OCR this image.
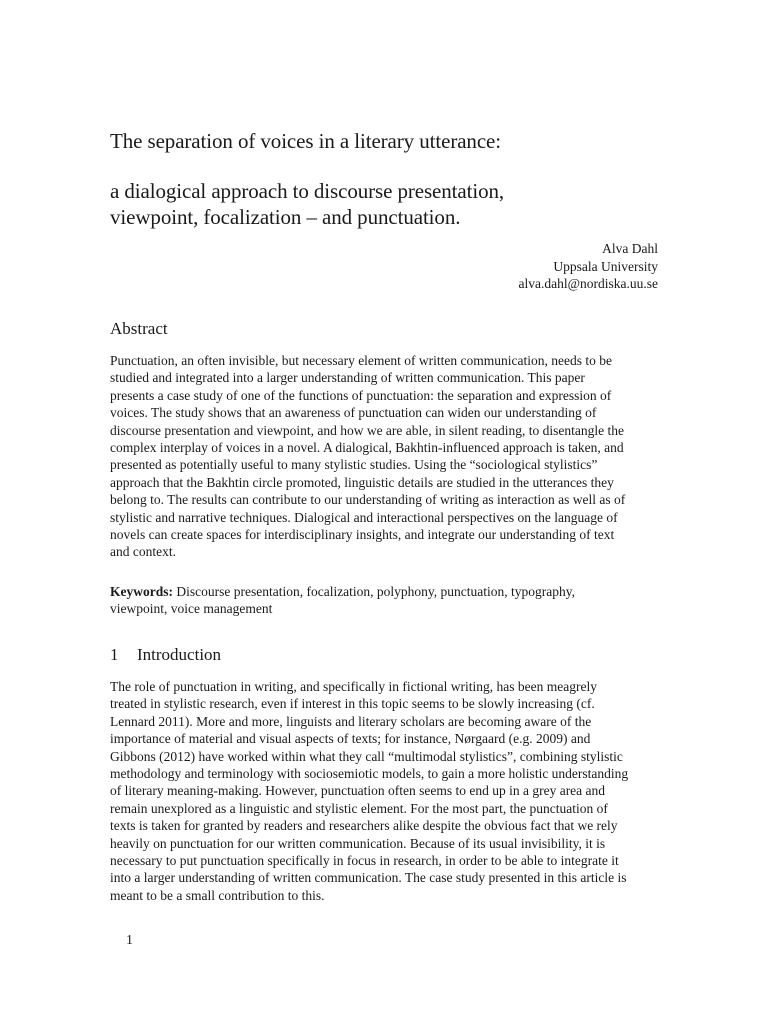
The separation of voices in a literary utterance:
a dialogical approach to discourse presentation,
viewpoint, focalization – and punctuation.
Alva Dahl
Uppsala University
alva.dahl@nordiska.uu.se
Abstract
Punctuation, an often invisible, but necessary element of written communication, needs to be
studied and integrated into a larger understanding of written communication. This paper
presents a case study of one of the functions of punctuation: the separation and expression of
voices. The study shows that an awareness of punctuation can widen our understanding of
discourse presentation and viewpoint, and how we are able, in silent reading, to disentangle the
complex interplay of voices in a novel. A dialogical, Bakhtin-influenced approach is taken, and
presented as potentially useful to many stylistic studies. Using the “sociological stylistics”
approach that the Bakhtin circle promoted, linguistic details are studied in the utterances they
belong to. The results can contribute to our understanding of writing as interaction as well as of
stylistic and narrative techniques. Dialogical and interactional perspectives on the language of
novels can create spaces for interdisciplinary insights, and integrate our understanding of text
and context.
Keywords: Discourse presentation, focalization, polyphony, punctuation, typography,
viewpoint, voice management
1 Introduction
The role of punctuation in writing, and specifically in fictional writing, has been meagrely
treated in stylistic research, even if interest in this topic seems to be slowly increasing (cf.
Lennard 2011). More and more, linguists and literary scholars are becoming aware of the
importance of material and visual aspects of texts; for instance, Nørgaard (e.g. 2009) and
Gibbons (2012) have worked within what they call “multimodal stylistics”, combining stylistic
methodology and terminology with sociosemiotic models, to gain a more holistic understanding
of literary meaning-making. However, punctuation often seems to end up in a grey area and
remain unexplored as a linguistic and stylistic element. For the most part, the punctuation of
texts is taken for granted by readers and researchers alike despite the obvious fact that we rely
heavily on punctuation for our written communication. Because of its usual invisibility, it is
necessary to put punctuation specifically in focus in research, in order to be able to integrate it
into a larger understanding of written communication. The case study presented in this article is
meant to be a small contribution to this.
1
